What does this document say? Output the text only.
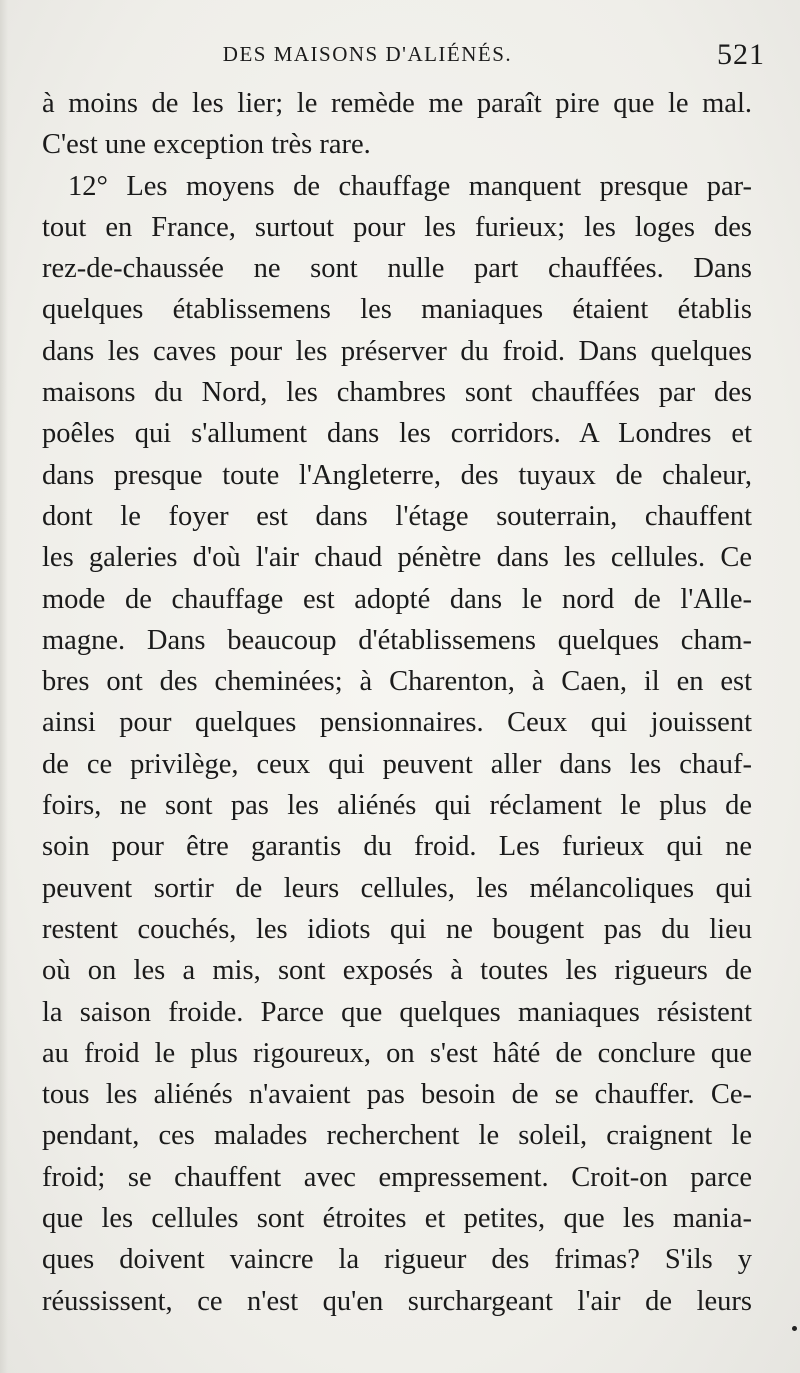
DES MAISONS D'ALIÉNÉS.	521
à moins de les lier; le remède me paraît pire que le mal.
C'est une exception très rare.
12° Les moyens de chauffage manquent presque par-
tout en France, surtout pour les furieux; les loges des
rez-de-chaussée ne sont nulle part chauffées. Dans
quelques établissemens les maniaques étaient établis
dans les caves pour les préserver du froid. Dans quelques
maisons du Nord, les chambres sont chauffées par des
poêles qui s'allument dans les corridors. A Londres et
dans presque toute l'Angleterre, des tuyaux de chaleur,
dont le foyer est dans l'étage souterrain, chauffent
les galeries d'où l'air chaud pénètre dans les cellules. Ce
mode de chauffage est adopté dans le nord de l'Alle-
magne. Dans beaucoup d'établissemens quelques cham-
bres ont des cheminées; à Charenton, à Caen, il en est
ainsi pour quelques pensionnaires. Ceux qui jouissent
de ce privilège, ceux qui peuvent aller dans les chauf-
foirs, ne sont pas les aliénés qui réclament le plus de
soin pour être garantis du froid. Les furieux qui ne
peuvent sortir de leurs cellules, les mélancoliques qui
restent couchés, les idiots qui ne bougent pas du lieu
où on les a mis, sont exposés à toutes les rigueurs de
la saison froide. Parce que quelques maniaques résistent
au froid le plus rigoureux, on s'est hâté de conclure que
tous les aliénés n'avaient pas besoin de se chauffer. Ce-
pendant, ces malades recherchent le soleil, craignent le
froid; se chauffent avec empressement. Croit-on parce
que les cellules sont étroites et petites, que les mania-
ques doivent vaincre la rigueur des frimas? S'ils y
réussissent, ce n'est qu'en surchargeant l'air de leurs
